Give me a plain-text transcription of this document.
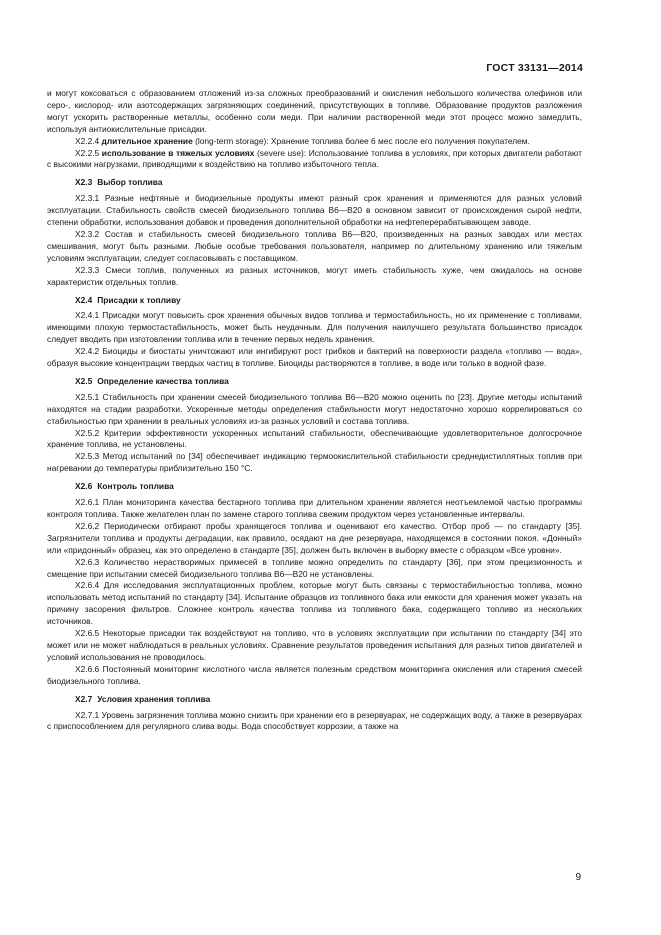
ГОСТ 33131—2014

и могут коксоваться с образованием отложений из-за сложных преобразований и окисления небольшого количества олефинов или серо-, кислород- или азотсодержащих загрязняющих соединений, присутствующих в топливе. Образование продуктов разложения могут ускорить растворенные металлы, особенно соли меди. При наличии растворенной меди этот процесс можно замедлить, используя антиокислительные присадки.

X2.2.4 длительное хранение (long-term storage): Хранение топлива более 6 мес после его получения покупателем.

X2.2.5 использование в тяжелых условиях (severe use): Использование топлива в условиях, при которых двигатели работают с высокими нагрузками, приводящими к воздействию на топливо избыточного тепла.

X2.3 Выбор топлива

X2.3.1 Разные нефтяные и биодизельные продукты имеют разный срок хранения и применяются для разных условий эксплуатации. Стабильность свойств смесей биодизельного топлива В6—В20 в основном зависит от происхождения сырой нефти, степени обработки, использования добавок и проведения дополнительной обработки на нефтеперерабатывающем заводе.

X2.3.2 Состав и стабильность смесей биодизельного топлива В6—В20, произведенных на разных заводах или местах смешивания, могут быть разными. Любые особые требования пользователя, например по длительному хранению или тяжелым условиям эксплуатации, следует согласовывать с поставщиком.

X2.3.3 Смеси топлив, полученных из разных источников, могут иметь стабильность хуже, чем ожидалось на основе характеристик отдельных топлив.

X2.4 Присадки к топливу

X2.4.1 Присадки могут повысить срок хранения обычных видов топлива и термостабильность, но их применение с топливами, имеющими плохую термостастабильность, может быть неудачным. Для получения наилучшего результата большинство присадок следует вводить при изготовлении топлива или в течение первых недель хранения.

X2.4.2 Биоциды и биостаты уничтожают или ингибируют рост грибков и бактерий на поверхности раздела «топливо — вода», образуя высокие концентрации твердых частиц в топливе. Биоциды растворяются в топливе, в воде или только в водной фазе.

X2.5 Определение качества топлива

X2.5.1 Стабильность при хранении смесей биодизельного топлива В6—В20 можно оценить по [23]. Другие методы испытаний находятся на стадии разработки. Ускоренные методы определения стабильности могут недостаточно хорошо коррелироваться со стабильностью при хранении в реальных условиях из-за разных условий и состава топлива.

X2.5.2 Критерии эффективности ускоренных испытаний стабильности, обеспечивающие удовлетворительное долгосрочное хранение топлива, не установлены.

X2.5.3 Метод испытаний по [34] обеспечивает индикацию термоокислительной стабильности среднедистиллятных топлив при нагревании до температуры приблизительно 150 °С.

X2.6 Контроль топлива

X2.6.1 План мониторинга качества бестарного топлива при длительном хранении является неотъемлемой частью программы контроля топлива. Также желателен план по замене старого топлива свежим продуктом через установленные интервалы.

X2.6.2 Периодически отбирают пробы хранящегося топлива и оценивают его качество. Отбор проб — по стандарту [35]. Загрязнители топлива и продукты деградации, как правило, осядают на дне резервуара, находящемся в состоянии покоя. «Донный» или «придонный» образец, как это определено в стандарте [35], должен быть включен в выборку вместе с образцом «Все уровни».

X2.6.3 Количество нерастворимых примесей в топливе можно определить по стандарту [36], при этом прецизионность и смещение при испытании смесей биодизельного топлива В6—В20 не установлены.

X2.6.4 Для исследования эксплуатационных проблем, которые могут быть связаны с термостабильностью топлива, можно использовать метод испытаний по стандарту [34]. Испытание образцов из топливного бака или емкости для хранения может указать на причину засорения фильтров. Сложнее контроль качества топлива из топливного бака, содержащего топливо из нескольких источников.

X2.6.5 Некоторые присадки так воздействуют на топливо, что в условиях эксплуатации при испытании по стандарту [34] это может или не может наблюдаться в реальных условиях. Сравнение результатов проведения испытания для разных типов двигателей и условий использования не проводилось.

X2.6.6 Постоянный мониторинг кислотного числа является полезным средством мониторинга окисления или старения смесей биодизельного топлива.

X2.7 Условия хранения топлива

X2.7.1 Уровень загрязнения топлива можно снизить при хранении его в резервуарах, не содержащих воду, а также в резервуарах с приспособлением для регулярного слива воды. Вода способствует коррозии, а также на

9
